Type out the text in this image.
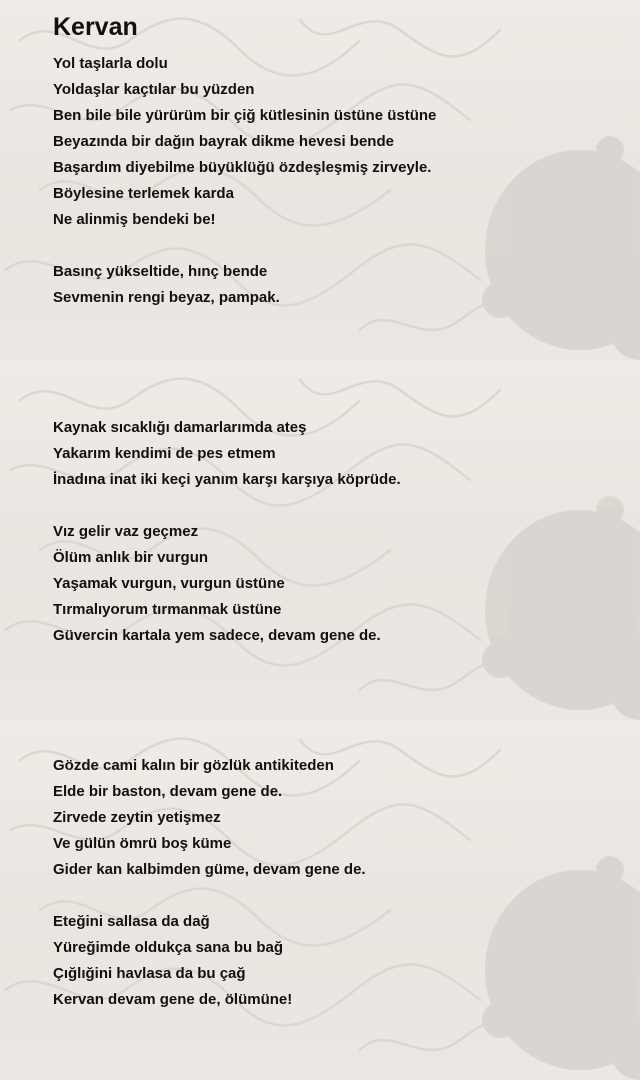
Kervan
Yol taşlarla dolu
Yoldaşlar kaçtılar bu yüzden
Ben bile bile yürürüm bir çiğ kütlesinin üstüne üstüne
Beyazında bir dağın bayrak dikme hevesi bende
Başardım diyebilme büyüklüğü özdeşleşmiş zirveyle.
Böylesine terlemek karda
Ne alinmiş bendeki be!
Basınç yükseltide, hınç bende
Sevmenin rengi beyaz, pampak.
Kaynak sıcaklığı damarlarımda ateş
Yakarım kendimi de pes etmem
İnadına inat iki keçi yanım karşı karşıya köprüde.
Vız gelir vaz geçmez
Ölüm anlık bir vurgun
Yaşamak vurgun, vurgun üstüne
Tırmalıyorum tırmanmak üstüne
Güvercin kartala yem sadece, devam gene de.
Gözde cami kalın bir gözlük antikiteden
Elde bir baston, devam gene de.
Zirvede zeytin yetişmez
Ve gülün ömrü boş küme
Gider kan kalbimden güme, devam gene de.
Eteğini sallasa da dağ
Yüreğimde oldukça sana bu bağ
Çığlığini havlasa da bu çağ
Kervan devam gene de, ölümüne!
